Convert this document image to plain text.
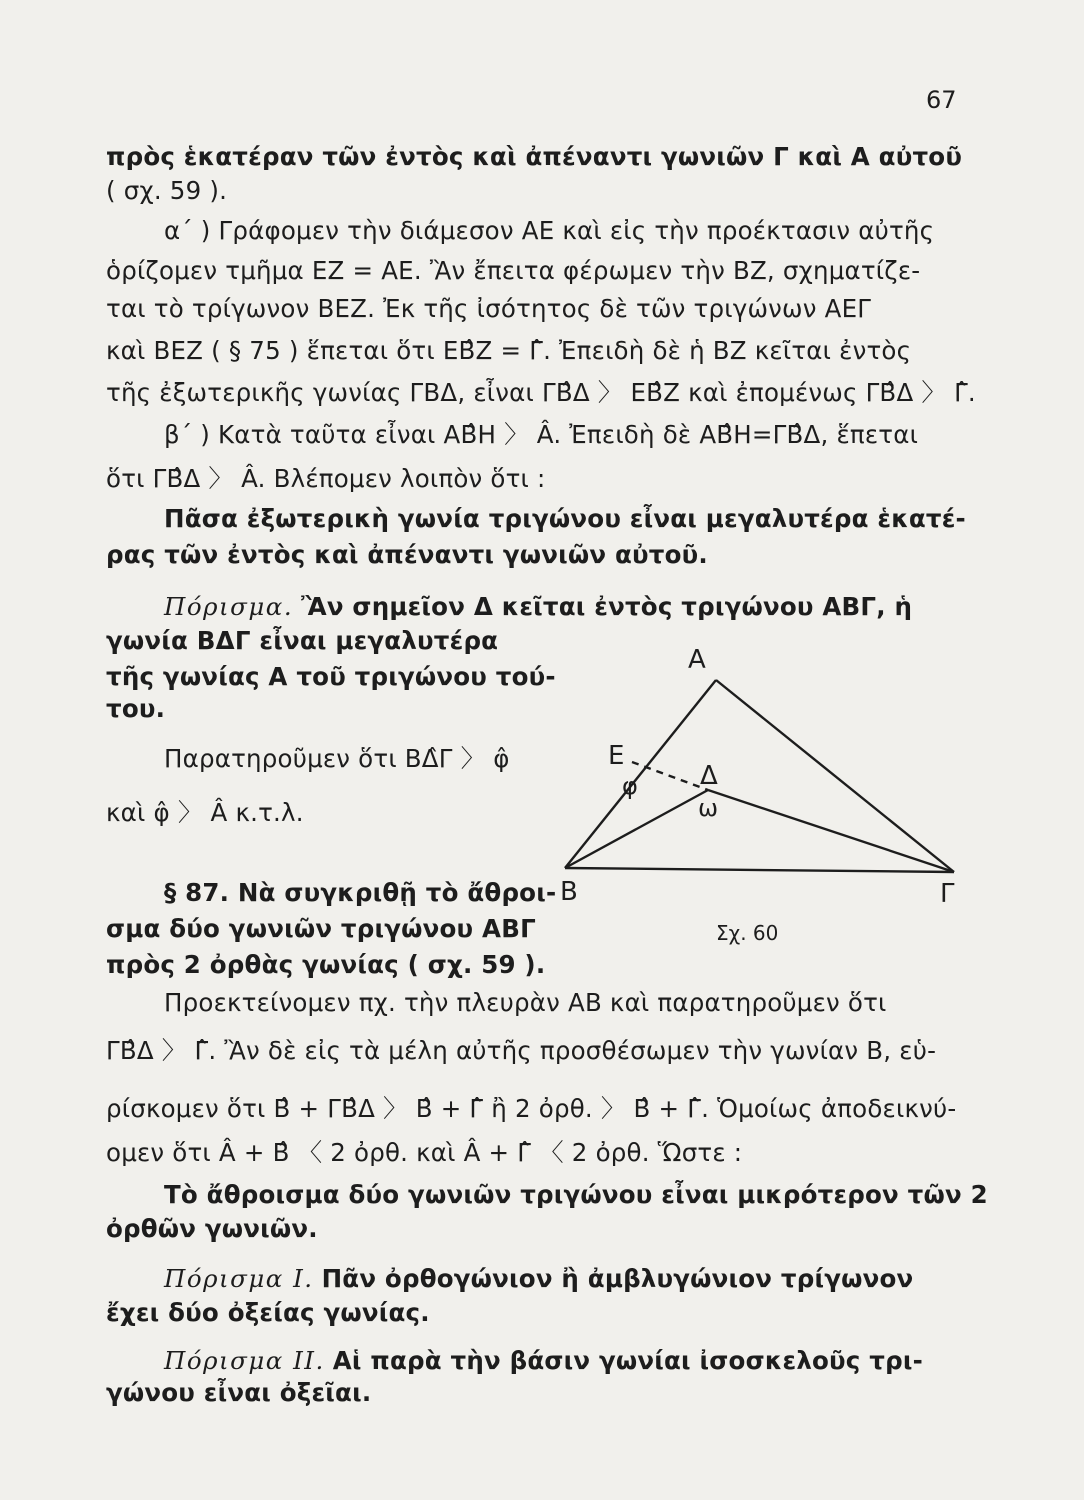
67
πρὸς ἑκατέραν τῶν ἐντὸς καὶ ἀπέναντι γωνιῶν Γ καὶ Α αὐτοῦ
( σχ. 59 ).
α΄ ) Γράφομεν τὴν διάμεσον ΑΕ καὶ εἰς τὴν προέκτασιν αὐτῆς
ὁρίζομεν τμῆμα ΕΖ = ΑΕ. Ἂν ἔπειτα φέρωμεν τὴν ΒΖ, σχηματίζε-
ται τὸ τρίγωνον ΒΕΖ. Ἐκ τῆς ἰσότητος δὲ τῶν τριγώνων ΑΕΓ
καὶ ΒΕΖ ( § 75 ) ἕπεται ὅτι ΕΒ̂Ζ = Γ̂. Ἐπειδὴ δὲ ἡ ΒΖ κεῖται ἐντὸς
τῆς ἐξωτερικῆς γωνίας ΓΒΔ, εἶναι ΓΒ̂Δ 〉 ΕΒ̂Ζ καὶ ἐπομένως ΓΒ̂Δ 〉 Γ̂.
β΄ ) Κατὰ ταῦτα εἶναι ΑΒ̂Η 〉 Â. Ἐπειδὴ δὲ ΑΒ̂Η=ΓΒ̂Δ, ἕπεται
ὅτι ΓΒ̂Δ 〉 Â. Βλέπομεν λοιπὸν ὅτι :
Πᾶσα ἐξωτερικὴ γωνία τριγώνου εἶναι μεγαλυτέρα ἑκατέ-
ρας τῶν ἐντὸς καὶ ἀπέναντι γωνιῶν αὐτοῦ.
Πόρισμα. Ἂν σημεῖον Δ κεῖται ἐντὸς τριγώνου ΑΒΓ, ἡ
γωνία ΒΔΓ εἶναι μεγαλυτέρα
τῆς γωνίας Α τοῦ τριγώνου τού-
του.
Παρατηροῦμεν ὅτι ΒΔ̂Γ 〉 φ̂
καὶ φ̂ 〉 Â κ.τ.λ.
§ 87. Νὰ συγκριθῇ τὸ ἄθροι-
σμα δύο γωνιῶν τριγώνου ΑΒΓ
πρὸς 2 ὀρθὰς γωνίας ( σχ. 59 ).
Προεκτείνομεν πχ. τὴν πλευρὰν ΑΒ καὶ παρατηροῦμεν ὅτι
ΓΒ̂Δ 〉 Γ̂. Ἂν δὲ εἰς τὰ μέλη αὐτῆς προσθέσωμεν τὴν γωνίαν Β, εὑ-
ρίσκομεν ὅτι Β̂ + ΓΒ̂Δ 〉 Β̂ + Γ̂ ἢ 2 ὀρθ. 〉 Β̂ + Γ̂. Ὁμοίως ἀποδεικνύ-
ομεν ὅτι Â + Β̂ 〈 2 ὀρθ. καὶ Â + Γ̂ 〈 2 ὀρθ. Ὥστε :
Τὸ ἄθροισμα δύο γωνιῶν τριγώνου εἶναι μικρότερον τῶν 2
ὀρθῶν γωνιῶν.
Πόρισμα Ι. Πᾶν ὀρθογώνιον ἢ ἀμβλυγώνιον τρίγωνον
ἔχει δύο ὀξείας γωνίας.
Πόρισμα ΙΙ. Αἱ παρὰ τὴν βάσιν γωνίαι ἰσοσκελοῦς τρι-
γώνου εἶναι ὀξεῖαι.
Α
Ε
φ Δ
ω
Β	Γ
Σχ. 60
